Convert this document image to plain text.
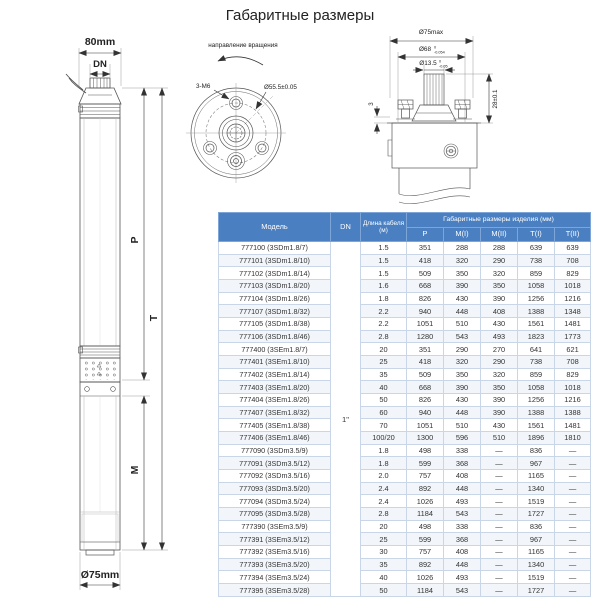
Габаритные размеры
80mm
DN
P
M
T
Ø75mm
направление вращения
3-M6	Ø55.5±0.05
Ø75max
Ø68 0
-0.054
Ø13.5 0
-0.05
28±0.1
3
Модель	DN	Длина кабеля (м)	Габаритные размеры изделия (мм)				
			P	M(I)	M(II)	T(I)	T(II)
777100 (3SDm1.8/7)	1"	1.5	351	288	288	639	639
777101 (3SDm1.8/10)		1.5	418	320	290	738	708
777102 (3SDm1.8/14)		1.5	509	350	320	859	829
777103 (3SDm1.8/20)		1.6	668	390	350	1058	1018
777104 (3SDm1.8/26)		1.8	826	430	390	1256	1216
777107 (3SDm1.8/32)		2.2	940	448	408	1388	1348
777105 (3SDm1.8/38)		2.2	1051	510	430	1561	1481
777106 (3SDm1.8/46)		2.8	1280	543	493	1823	1773
777400 (3SEm1.8/7)		20	351	290	270	641	621
777401 (3SEm1.8/10)		25	418	320	290	738	708
777402 (3SEm1.8/14)		35	509	350	320	859	829
777403 (3SEm1.8/20)		40	668	390	350	1058	1018
777404 (3SEm1.8/26)		50	826	430	390	1256	1216
777407 (3SEm1.8/32)		60	940	448	390	1388	1388
777405 (3SEm1.8/38)		70	1051	510	430	1561	1481
777406 (3SEm1.8/46)		100/20	1300	596	510	1896	1810
777090 (3SDm3.5/9)		1.8	498	338	—	836	—
777091 (3SDm3.5/12)		1.8	599	368	—	967	—
777092 (3SDm3.5/16)		2.0	757	408	—	1165	—
777093 (3SDm3.5/20)		2.4	892	448	—	1340	—
777094 (3SDm3.5/24)		2.4	1026	493	—	1519	—
777095 (3SDm3.5/28)		2.8	1184	543	—	1727	—
777390 (3SEm3.5/9)		20	498	338	—	836	—
777391 (3SEm3.5/12)		25	599	368	—	967	—
777392 (3SEm3.5/16)		30	757	408	—	1165	—
777393 (3SEm3.5/20)		35	892	448	—	1340	—
777394 (3SEm3.5/24)		40	1026	493	—	1519	—
777395 (3SEm3.5/28)		50	1184	543	—	1727	—
